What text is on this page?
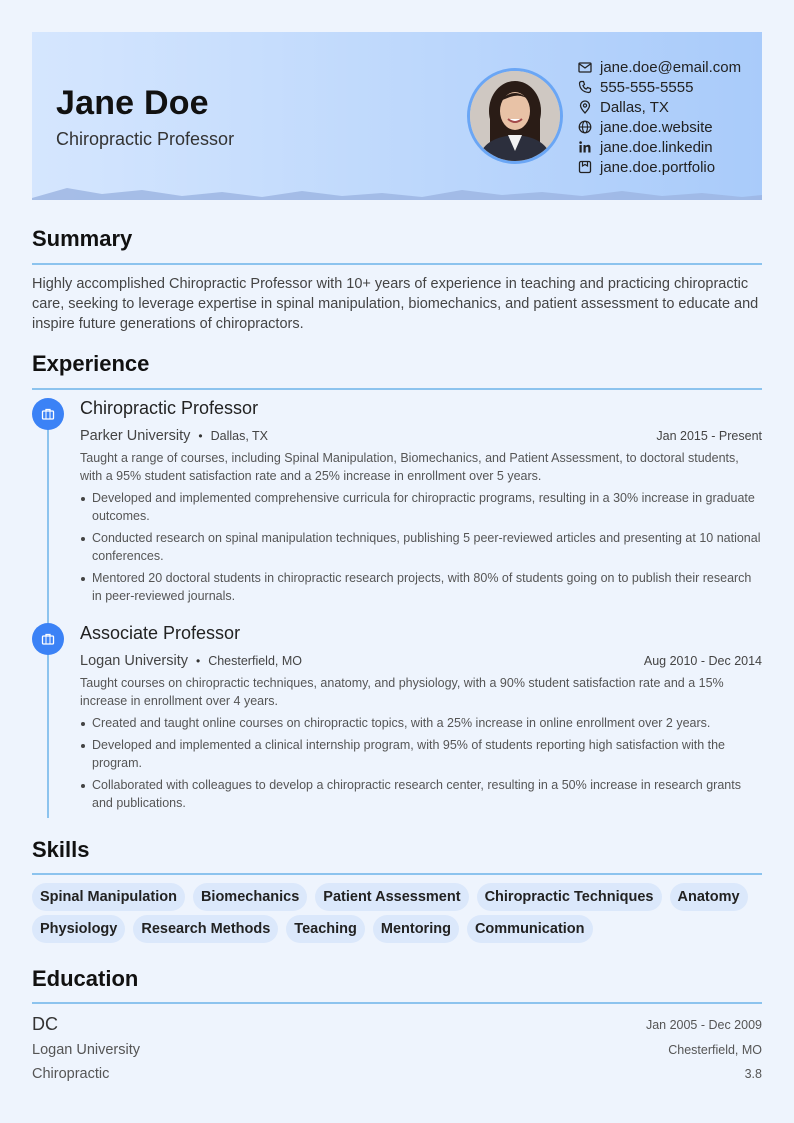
Jane Doe
Chiropractic Professor
jane.doe@email.com
555-555-5555
Dallas, TX
jane.doe.website
jane.doe.linkedin
jane.doe.portfolio
Summary
Highly accomplished Chiropractic Professor with 10+ years of experience in teaching and practicing chiropractic care, seeking to leverage expertise in spinal manipulation, biomechanics, and patient assessment to educate and inspire future generations of chiropractors.
Experience
Chiropractic Professor
Parker University • Dallas, TX	Jan 2015 - Present
Taught a range of courses, including Spinal Manipulation, Biomechanics, and Patient Assessment, to doctoral students, with a 95% student satisfaction rate and a 25% increase in enrollment over 5 years.
Developed and implemented comprehensive curricula for chiropractic programs, resulting in a 30% increase in graduate outcomes.
Conducted research on spinal manipulation techniques, publishing 5 peer-reviewed articles and presenting at 10 national conferences.
Mentored 20 doctoral students in chiropractic research projects, with 80% of students going on to publish their research in peer-reviewed journals.
Associate Professor
Logan University • Chesterfield, MO	Aug 2010 - Dec 2014
Taught courses on chiropractic techniques, anatomy, and physiology, with a 90% student satisfaction rate and a 15% increase in enrollment over 4 years.
Created and taught online courses on chiropractic topics, with a 25% increase in online enrollment over 2 years.
Developed and implemented a clinical internship program, with 95% of students reporting high satisfaction with the program.
Collaborated with colleagues to develop a chiropractic research center, resulting in a 50% increase in research grants and publications.
Skills
Spinal Manipulation	Biomechanics	Patient Assessment	Chiropractic Techniques	Anatomy
Physiology	Research Methods	Teaching	Mentoring	Communication
Education
DC	Jan 2005 - Dec 2009
Logan University	Chesterfield, MO
Chiropractic	3.8
